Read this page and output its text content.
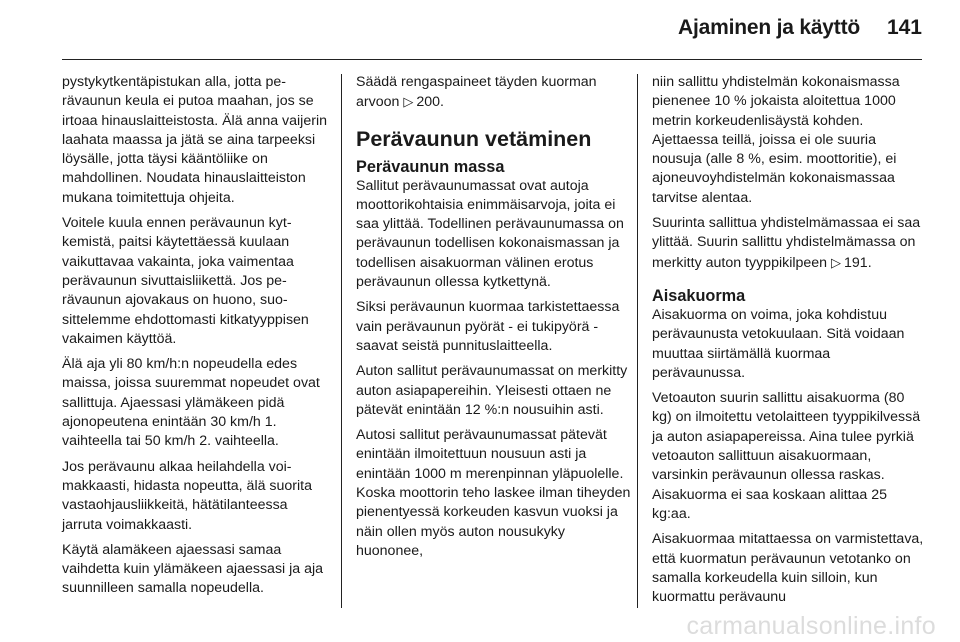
Ajaminen ja käyttö	141

pystykytkentäpistukan alla, jotta perävaunun keula ei putoa maahan, jos se irtoaa hinauslaitteistosta. Älä anna vaijerin laahata maassa ja jätä se aina tarpeeksi löysälle, jotta täysi kääntöliike on mahdollinen. Noudata hinauslaitteiston mukana toimitettuja ohjeita.

Voitele kuula ennen perävaunun kytkemistä, paitsi käytettäessä kuulaan vaikuttavaa vakainta, joka vaimentaa perävaunun sivuttaisliikettä. Jos perävaunun ajovakaus on huono, suosittelemme ehdottomasti kitkatyyppisen vakaimen käyttöä.

Älä aja yli 80 km/h:n nopeudella edes maissa, joissa suuremmat nopeudet ovat sallittuja. Ajaessasi ylämäkeen pidä ajonopeutena enintään 30 km/h 1. vaihteella tai 50 km/h 2. vaihteella.

Jos perävaunu alkaa heilahdella voimakkaasti, hidasta nopeutta, älä suorita vastaohjausliikkeitä, hätätilanteessa jarruta voimakkaasti.

Käytä alamäkeen ajaessasi samaa vaihdetta kuin ylämäkeen ajaessasi ja aja suunnilleen samalla nopeudella.

Säädä rengaspaineet täyden kuorman arvoon ▷ 200.

Perävaunun vetäminen
Perävaunun massa

Sallitut perävaunumassat ovat autoja moottorikohtaisia enimmäisarvoja, joita ei saa ylittää. Todellinen perävaunumassa on perävaunun todellisen kokonaismassan ja todellisen aisakuorman välinen erotus perävaunun ollessa kytkettynä.

Siksi perävaunun kuormaa tarkistettaessa vain perävaunun pyörät - ei tukipyörä - saavat seistä punnituslaitteella.

Auton sallitut perävaunumassat on merkitty auton asiapapereihin. Yleisesti ottaen ne pätevät enintään 12 %:n nousuihin asti.

Autosi sallitut perävaunumassat pätevät enintään ilmoitettuun nousuun asti ja enintään 1000 m merenpinnan yläpuolelle. Koska moottorin teho laskee ilman tiheyden pienentyessä korkeuden kasvun vuoksi ja näin ollen myös auton nousukyky huononee,

niin sallittu yhdistelmän kokonaismassa pienenee 10 % jokaista aloitettua 1000 metrin korkeudenlisäystä kohden. Ajettaessa teillä, joissa ei ole suuria nousuja (alle 8 %, esim. moottoritie), ei ajoneuvoyhdistelmän kokonaismassaa tarvitse alentaa.

Suurinta sallittua yhdistelmämassaa ei saa ylittää. Suurin sallittu yhdistelmämassa on merkitty auton tyyppikilpeen ▷ 191.

Aisakuorma

Aisakuorma on voima, joka kohdistuu perävaunusta vetokuulaan. Sitä voidaan muuttaa siirtämällä kuormaa perävaunussa.

Vetoauton suurin sallittu aisakuorma (80 kg) on ilmoitettu vetolaitteen tyyppikilvessä ja auton asiapapereissa. Aina tulee pyrkiä vetoauton sallittuun aisakuormaan, varsinkin perävaunun ollessa raskas. Aisakuorma ei saa koskaan alittaa 25 kg:aa.

Aisakuormaa mitattaessa on varmistettava, että kuormatun perävaunun vetotanko on samalla korkeudella kuin silloin, kun kuormattu perävaunu

carmanualsonline.info
